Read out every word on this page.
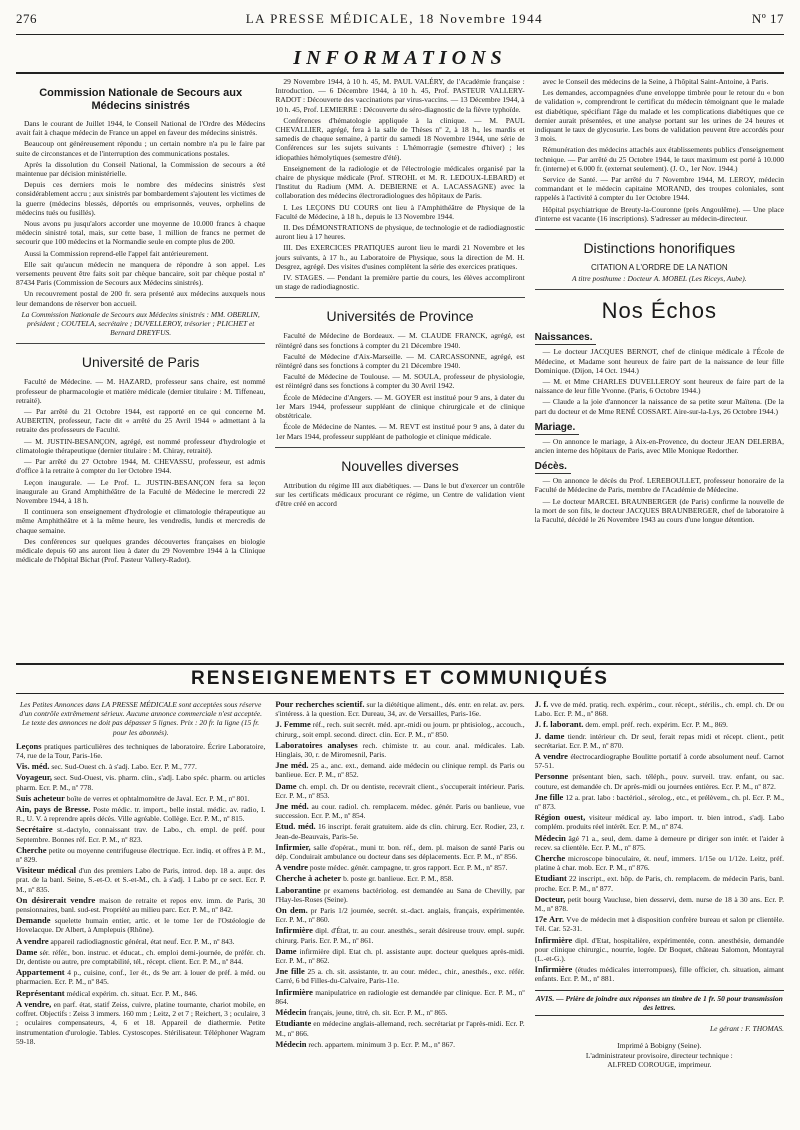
276	LA PRESSE MÉDICALE, 18 Novembre 1944	Nº 17
INFORMATIONS
Commission Nationale de Secours aux Médecins sinistrés

Dans le courant de Juillet 1944, le Conseil National de l'Ordre des Médecins avait fait à chaque médecin de France un appel en faveur des médecins sinistrés.

Beaucoup ont généreusement répondu ; un certain nombre n'a pu le faire par suite de circonstances et de l'interruption des communications postales.

Après la dissolution du Conseil National, la Commission de secours a été maintenue par décision ministérielle.

Depuis ces derniers mois le nombre des médecins sinistrés s'est considérablement accru ; aux sinistrés par bombardement s'ajoutent les victimes de la guerre (médecins blessés, déportés ou emprisonnés, veuves, orphelins de médecins tués ou fusillés).

Nous avons pu jusqu'alors accorder une moyenne de 10.000 francs à chaque médecin sinistré total, mais, sur cette base, 1 million de francs ne permet de secourir que 100 médecins et la Normandie seule en compte plus de 200.

Aussi la Commission reprend-elle l'appel fait antérieurement.

Elle sait qu'aucun médecin ne manquera de répondre à son appel. Les versements peuvent être faits soit par chèque bancaire, soit par chèque postal nº 87434 Paris (Commission de Secours aux Médecins sinistrés).

Un recouvrement postal de 200 fr. sera présenté aux médecins auxquels nous leur demandons de réserver bon accueil.

La Commission Nationale de Secours aux Médecins sinistrés : MM. OBERLIN, président ; COUTELA, secrétaire ; DUVELLEROY, trésorier ; PLICHET et Bernard DREYFUS.
Université de Paris

Faculté de Médecine. — M. HAZARD, professeur sans chaire, est nommé professeur de pharmacologie et matière médicale (dernier titulaire : M. Tiffeneau, retraité).

— Par arrêté du 21 Octobre 1944, est rapporté en ce qui concerne M. AUBERTIN, professeur, l'acte dit « arrêté du 25 Avril 1944 » admettant à la retraite des professeurs de Faculté.

— M. JUSTIN-BESANÇON, agrégé, est nommé professeur d'hydrologie et climatologie thérapeutique (dernier titulaire : M. Chiray, retraité).

— Par arrêté du 27 Octobre 1944, M. CHEVASSU, professeur, est admis d'office à la retraite à compter du 1er Octobre 1944.

Leçon inaugurale. — Le Prof. L. JUSTIN-BESANÇON fera sa leçon inaugurale au Grand Amphithéâtre de la Faculté de Médecine le mercredi 22 Novembre 1944, à 18 h.

Il continuera son enseignement d'hydrologie et climatologie thérapeutique au même Amphithéâtre et à la même heure, les vendredis, lundis et mercredis de chaque semaine.

Des conférences sur quelques grandes découvertes françaises en biologie médicale depuis 60 ans auront lieu à dater du 29 Novembre 1944 à la Clinique médicale de l'hôpital Bichat (Prof. Pasteur Vallery-Radot).

29 Novembre 1944, à 10 h. 45, M. PAUL VALÉRY, de l'Académie française : Introduction. — 6 Décembre 1944, à 10 h. 45, Prof. PASTEUR VALLERY-RADOT : Découverte des vaccinations par virus-vaccins. — 13 Décembre 1944, à 10 h. 45, Prof. LEMIERRE : Découverte du séro-diagnostic de la fièvre typhoïde.

Conférences d'hématologie appliquée à la clinique. — M. PAUL CHEVALLIER, agrégé, fera à la salle de Thèses nº 2, à 18 h., les mardis et samedis de chaque semaine, à partir du samedi 18 Novembre 1944, une série de Conférences sur les sujets suivants : L'hémorragie (semestre d'hiver) ; les idiopathies hémolytiques (semestre d'été).

Enseignement de la radiologie et de l'électrologie médicales organisé par la chaire de physique médicale (Prof. STROHL et M. R. LEDOUX-LEBARD) et l'Institut du Radium (MM. A. DEBIERNE et A. LACASSAGNE) avec la collaboration des médecins électroradiologues des hôpitaux de Paris.

I. Les LEÇONS DU COURS ont lieu à l'Amphithéâtre de Physique de la Faculté de Médecine, à 18 h., depuis le 13 Novembre 1944.

II. Des DÉMONSTRATIONS de physique, de technologie et de radiodiagnostic auront lieu à 17 heures.

III. Des EXERCICES PRATIQUES auront lieu le mardi 21 Novembre et les jours suivants, à 17 h., au Laboratoire de Physique, sous la direction de M. H. Desgrez, agrégé. Des visites d'usines complètent la série des exercices pratiques.

IV. STAGES. — Pendant la première partie du cours, les élèves accompliront un stage de radiodiagnostic.

Universités de Province

Faculté de Médecine de Bordeaux. — M. CLAUDE FRANCK, agrégé, est réintégré dans ses fonctions à compter du 21 Décembre 1940.

Faculté de Médecine d'Aix-Marseille. — M. CARCASSONNE, agrégé, est réintégré dans ses fonctions à compter du 21 Décembre 1940.

Faculté de Médecine de Toulouse. — M. SOULA, professeur de physiologie, est réintégré dans ses fonctions à compter du 30 Avril 1942.

École de Médecine d'Angers. — M. GOYER est institué pour 9 ans, à dater du 1er Mars 1944, professeur suppléant de clinique chirurgicale et de clinique obstétricale.

École de Médecine de Nantes. — M. REVT est institué pour 9 ans, à dater du 1er Mars 1944, professeur suppléant de pathologie et clinique médicale.

Nouvelles diverses

Attribution du régime III aux diabétiques. — Dans le but d'exercer un contrôle sur les certificats médicaux procurant ce régime, un Centre de validation vient d'être créé en accord

avec le Conseil des médecins de la Seine, à l'hôpital Saint-Antoine, à Paris.

Les demandes, accompagnées d'une enveloppe timbrée pour le retour du « bon de validation », comprendront le certificat du médecin témoignant que le malade est diabétique, spécifiant l'âge du malade et les complications diabétiques que ce dernier aurait présentées, et une analyse portant sur les urines de 24 heures et indiquant le taux de glycosurie. Les bons de validation peuvent être accordés pour 3 mois.

Rémunération des médecins attachés aux établissements publics d'enseignement technique. — Par arrêté du 25 Octobre 1944, le taux maximum est porté à 10.000 fr. (interne) et 6.000 fr. (externat seulement). (J. O., 1er Nov. 1944.)

Service de Santé. — Par arrêté du 7 Novembre 1944, M. LEROY, médecin commandant et le médecin capitaine MORAND, des troupes coloniales, sont rappelés à l'activité à compter du 1er Octobre 1944.

Hôpital psychiatrique de Breuty-la-Couronne (près Angoulême). — Une place d'interne est vacante (16 inscriptions). S'adresser au médecin-directeur.

Distinctions honorifiques
CITATION A L'ORDRE DE LA NATION
A titre posthume : Docteur A. MOBEL (Les Riceys, Aube).
Nos Échos
Naissances.

— Le docteur JACQUES BERNOT, chef de clinique médicale à l'École de Médecine, et Madame sont heureux de faire part de la naissance de leur fille Dominique. (Dijon, 14 Oct. 1944.)

— M. et Mme CHARLES DUVELLEROY sont heureux de faire part de la naissance de leur fille Yvonne. (Paris, 6 Octobre 1944.)

— Claude a la joie d'annoncer la naissance de sa petite sœur Maïtena. (De la part du docteur et de Mme RENÉ COSSART. Aire-sur-la-Lys, 26 Octobre 1944.)

Mariage.

— On annonce le mariage, à Aix-en-Provence, du docteur JEAN DELERBA, ancien interne des hôpitaux de Paris, avec Mlle Monique Redorther.

Décès.

— On annonce le décès du Prof. LEREBOULLET, professeur honoraire de la Faculté de Médecine de Paris, membre de l'Académie de Médecine.

— Le docteur MARCEL BRAUNBERGER (de Paris) confirme la nouvelle de la mort de son fils, le docteur JACQUES BRAUNBERGER, chef de laboratoire à la Faculté, décédé le 26 Novembre 1943 au cours d'une longue détention.

RENSEIGNEMENTS ET COMMUNIQUÉS
Les Petites Annonces dans LA PRESSE MÉDICALE sont acceptées sous réserve d'un contrôle extrêmement sérieux. Aucune annonce commerciale n'est acceptée. Le texte des annonces ne doit pas dépasser 5 lignes. Prix : 20 fr. la ligne (15 fr. pour les abonnés).
Leçons pratiques particulières des techniques de laboratoire. Écrire Laboratoire, 74, rue de la Tour, Paris-16e.
Vis. méd. sec. Sud-Ouest ch. à s'adj. Labo. Ecr. P. M., 777.
Voyageur, sect. Sud-Ouest, vis. pharm. clin., s'adj. Labo spéc. pharm. ou articles pharm. Ecr. P. M., nº 778.
Suis acheteur boîte de verres et ophtalmomètre de Javal. Ecr. P. M., nº 801.
Ain, pays de Bresse. Poste médic. tr. import., belle instal. médic. av. radio, I. R., U. V. à reprendre après décès. Ville agréable. Collège. Ecr. P. M., nº 815.
Secrétaire st.-dactylo, connaissant trav. de Labo., ch. empl. de préf. pour Septembre. Bonnes réf. Ecr. P. M., nº 823.
Cherche petite ou moyenne centrifugeuse électrique. Ecr. indiq. et offres à P. M., nº 829.
Visiteur médical d'un des premiers Labo de Paris, introd. dep. 18 a. aupr. des prat. de la banl. Seine, S.-et-O. et S.-et-M., ch. à s'adj. 1 Labo pr ce sect. Ecr. P. M., nº 835.
On désirerait vendre maison de retraite et repos env. imm. de Paris, 30 pensionnaires, banl. sud-est. Propriété au milieu parc. Ecr. P. M., nº 842.
Demande squelette humain entier, artic. et le tome 1er de l'Ostéologie de Hovelacque. Dr Albert, à Amplepuis (Rhône).
A vendre appareil radiodiagnostic général, état neuf. Ecr. P. M., nº 843.
Dame sér. référ., bon. instruc. et éducat., ch. emploi demi-journée, de préfér. ch. Dr, dentiste ou autre, pre comptabilité, tél., récept. client. Ecr. P. M., nº 844.
Appartement 4 p., cuisine, conf., 1er ét., ds 9e arr. à louer de préf. à méd. ou pharmacien. Ecr. P. M., nº 845.
Représentant médical expérim. ch. situat. Ecr. P. M., 846.
A vendre, en parf. état, statif Zeiss, cuivre, platine tournante, chariot mobile, en coffret. Objectifs : Zeiss 3 immers. 160 mm ; Leitz, 2 et 7 ; Reichert, 3 ; oculaire, 3 ; oculaires compensateurs, 4, 6 et 18. Appareil de diathermie. Petite instrumentation d'urologie. Tables. Cystoscopes. Stérilisateur. Téléphoner Wagram 59-18.
Pour recherches scientif. sur la diététique aliment., dés. entr. en relat. av. pers. s'intéress. à la question. Ecr. Dureau, 34, av. de Versailles, Paris-16e.
J. Femme réf., rech. suit secrét. méd. apr.-midi ou journ. pr phtisiolog., accouch., chirurg., soit empl. second. direct. clin. Ecr. P. M., nº 850.
Laboratoires analyses rech. chimiste tr. au cour. anal. médicales. Lab. Hinglais, 30, r. de Miromesnil, Paris.
Jne méd. 25 a., anc. ext., demand. aide médecin ou clinique rempl. ds Paris ou banlieue. Ecr. P. M., nº 852.
Dame ch. empl. ch. Dr ou dentiste, recevrait client., s'occuperait intérieur. Paris. Ecr. P. M., nº 853.
Jne méd. au cour. radiol. ch. remplacem. médec. génér. Paris ou banlieue, vue succession. Ecr. P. M., nº 854.
Etud. méd. 16 inscript. ferait gratuitem. aide ds clin. chirurg. Ecr. Rodier, 23, r. Jean-de-Beauvais, Paris-5e.
Infirmier, salle d'opérat., muni tr. bon. réf., dem. pl. maison de santé Paris ou dép. Conduirait ambulance ou docteur dans ses déplacements. Ecr. P. M., nº 856.
A vendre poste médec. génér. campagne, tr. gros rapport. Ecr. P. M., nº 857.
Cherche à acheter b. poste gr. banlieue. Ecr. P. M., 858.
Laborantine pr examens bactériolog. est demandée au Sana de Chevilly, par l'Hay-les-Roses (Seine).
On dem. pr Paris 1/2 journée, secrét. st.-dact. anglais, français, expérimentée. Ecr. P. M., nº 860.
Infirmière dipl. d'État, tr. au cour. anesthés., serait désireuse trouv. empl. supér. chirurg. Paris. Ecr. P. M., nº 861.
Dame infirmière dipl. Etat ch. pl. assistante aupr. docteur quelques après-midi. Ecr. P. M., nº 862.
Jne fille 25 a. ch. sit. assistante, tr. au cour. médec., chir., anesthés., exc. référ. Carré, 6 bd Filles-du-Calvaire, Paris-11e.
Infirmière manipulatrice en radiologie est demandée par clinique. Ecr. P. M., nº 864.
Médecin français, jeune, titré, ch. sit. Ecr. P. M., nº 865.
Etudiante en médecine anglais-allemand, rech. secrétariat pr l'après-midi. Ecr. P. M., nº 866.
Médecin rech. appartem. minimum 3 p. Ecr. P. M., nº 867.
J. f. vve de méd. pratiq. rech. expérim., cour. récept., stérilis., ch. empl. ch. Dr ou Labo. Ecr. P. M., nº 868.
J. f. laborant. dem. empl. préf. rech. expérim. Ecr. P. M., 869.
J. dame tiendr. intérieur ch. Dr seul, ferait repas midi et récept. client., petit secrétariat. Ecr. P. M., nº 870.
A vendre électrocardiographe Boulitte portatif à corde absolument neuf. Carnot 57-51.
Personne présentant bien, sach. téléph., pouv. surveil. trav. enfant, ou sac. couture, est demandée ch. Dr après-midi ou journées entières. Ecr. P. M., nº 872.
Jne fille 12 a. prat. labo : bactériol., sérolog., etc., et prélèvem., ch. pl. Ecr. P. M., nº 873.
Région ouest, visiteur médical ay. labo import. tr. bien introd., s'adj. Labo complém. produits réel intérêt. Ecr. P. M., nº 874.
Médecin âgé 71 a., seul, dem. dame à demeure pr diriger son intér. et l'aider à recev. sa clientèle. Ecr. P. M., nº 875.
Cherche microscope binoculaire, ét. neuf, immers. 1/15e ou 1/12e. Leitz, préf. platine à char. mob. Ecr. P. M., nº 876.
Etudiant 22 inscript., ext. hôp. de Paris, ch. remplacem. de médecin Paris, banl. proche. Ecr. P. M., nº 877.
Docteur, petit bourg Vaucluse, bien desservi, dem. nurse de 18 à 30 ans. Ecr. P. M., nº 878.
17e Arr. Vve de médecin met à disposition confrère bureau et salon pr clientèle. Tél. Car. 52-31.
Infirmière dipl. d'Etat, hospitalière, expérimentée, conn. anesthésie, demandée pour clinique chirurgic., nourrie, logée. Dr Boquet, château Salomon, Montayral (L.-et-G.).
Infirmière (études médicales interrompues), fille officier, ch. situation, aimant enfants. Ecr. P. M., nº 881.
AVIS. — Prière de joindre aux réponses un timbre de 1 fr. 50 pour transmission des lettres.
Le gérant : F. THOMAS.
Imprimé à Bobigny (Seine).
L'administrateur provisoire, directeur technique :
ALFRED COROUGE, imprimeur.
